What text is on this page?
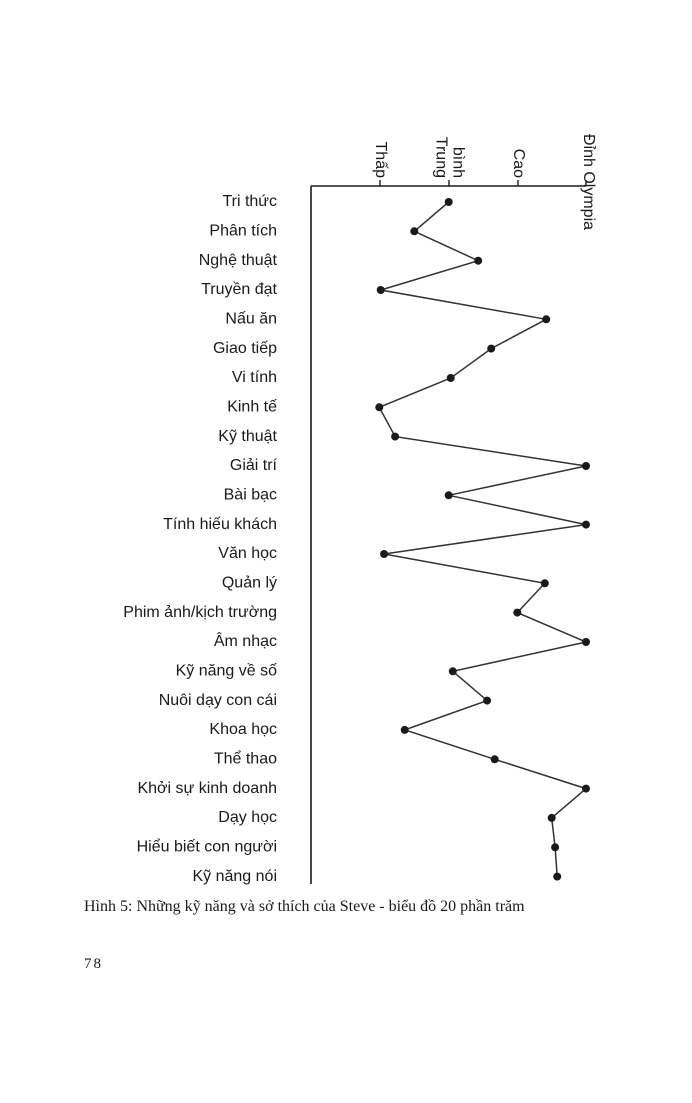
Thấp	Trung bình	Cao	Đỉnh Olympia
Tri thức
Phân tích
Nghệ thuật
Truyền đạt
Nấu ăn
Giao tiếp
Vi tính
Kinh tế
Kỹ thuật
Giải trí
Bài bạc
Tính hiếu khách
Văn học
Quản lý
Phim ảnh/kịch trường
Âm nhạc
Kỹ năng về số
Nuôi dạy con cái
Khoa học
Thể thao
Khởi sự kinh doanh
Dạy học
Hiểu biết con người
Kỹ năng nói
Hình 5: Những kỹ năng và sở thích của Steve - biểu đồ 20 phần trăm
78
